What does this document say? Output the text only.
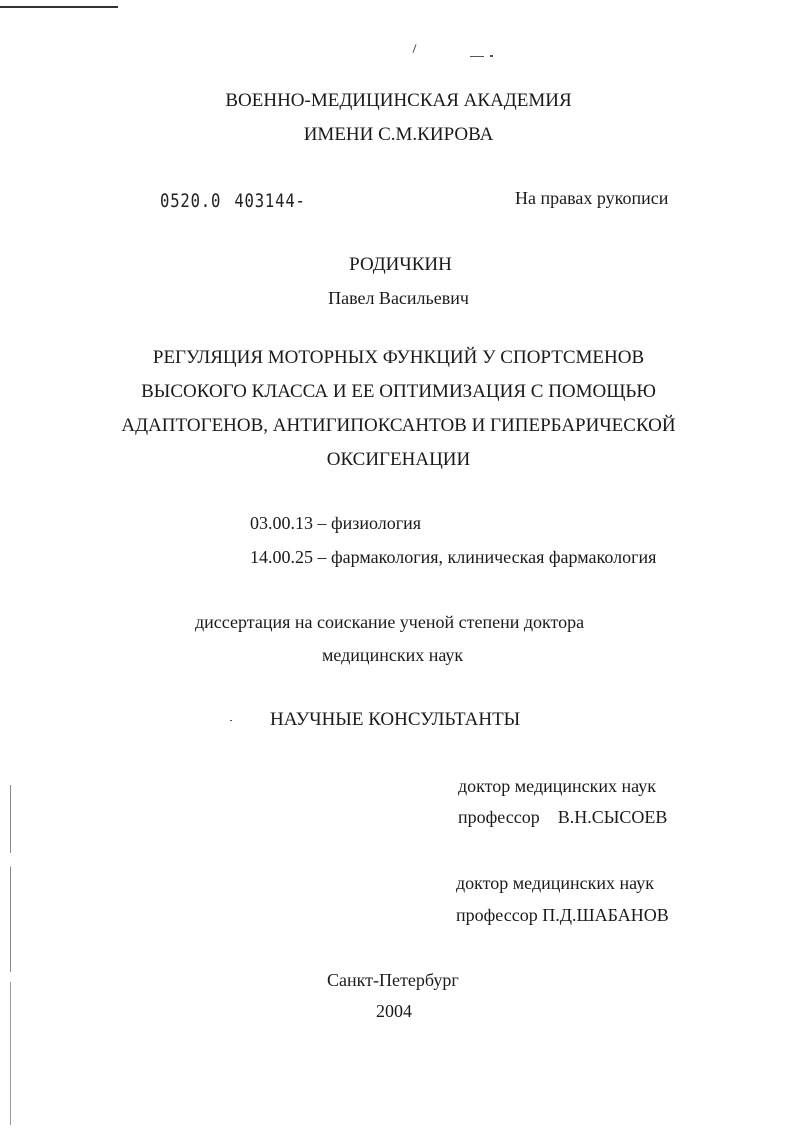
ВОЕННО-МЕДИЦИНСКАЯ АКАДЕМИЯ
ИМЕНИ С.М.КИРОВА
0520.0 403144-	На правах рукописи
РОДИЧКИН
Павел Васильевич
РЕГУЛЯЦИЯ МОТОРНЫХ ФУНКЦИЙ У СПОРТСМЕНОВ
ВЫСОКОГО КЛАССА И ЕЕ ОПТИМИЗАЦИЯ С ПОМОЩЬЮ
АДАПТОГЕНОВ, АНТИГИПОКСАНТОВ И ГИПЕРБАРИЧЕСКОЙ
ОКСИГЕНАЦИИ
03.00.13 – физиология
14.00.25 – фармакология, клиническая фармакология
диссертация на соискание ученой степени доктора
медицинских наук
НАУЧНЫЕ КОНСУЛЬТАНТЫ
доктор медицинских наук
профессор    В.Н.СЫСОЕВ
доктор медицинских наук
профессор П.Д.ШАБАНОВ
Санкт-Петербург
2004
